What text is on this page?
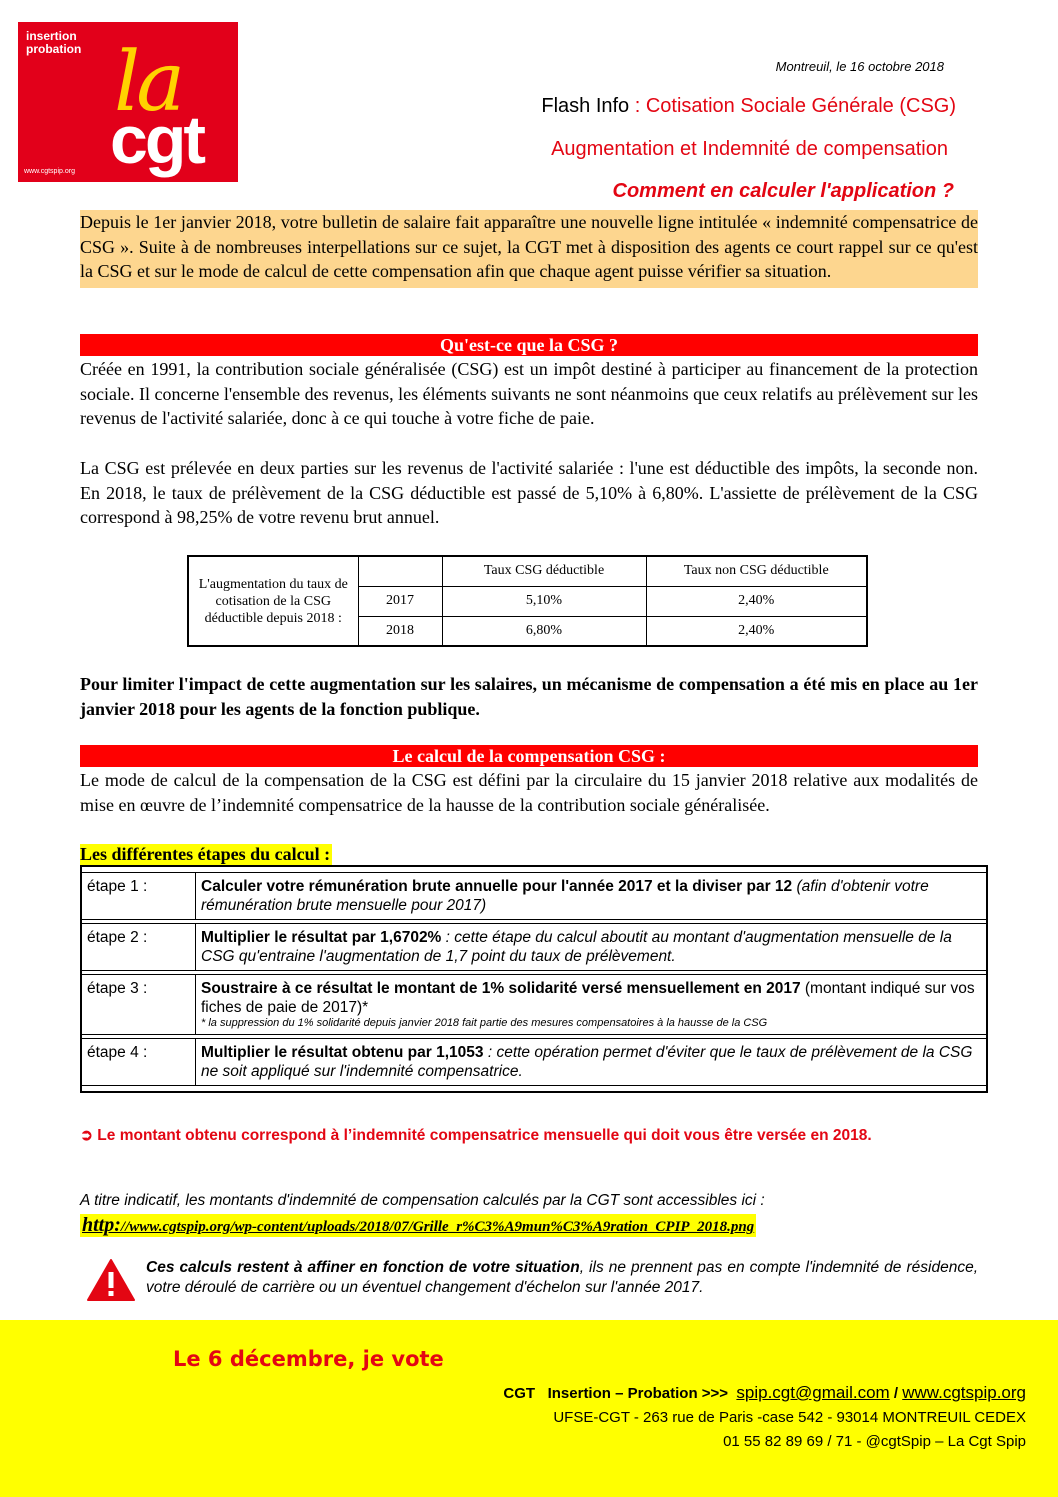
insertion
probation la
cgt
www.cgtspip.org
Montreuil, le 16 octobre 2018
Flash Info : Cotisation Sociale Générale (CSG)
Augmentation et Indemnité de compensation
Comment en calculer l'application ?
Depuis le 1er janvier 2018, votre bulletin de salaire fait apparaître une nouvelle ligne intitulée « indemnité compensatrice de CSG ». Suite à de nombreuses interpellations sur ce sujet, la CGT met à disposition des agents ce court rappel sur ce qu'est la CSG et sur le mode de calcul de cette compensation afin que chaque agent puisse vérifier sa situation.
Qu'est-ce que la CSG ?
Créée en 1991, la contribution sociale généralisée (CSG) est un impôt destiné à participer au financement de la protection sociale. Il concerne l'ensemble des revenus, les éléments suivants ne sont néanmoins que ceux relatifs au prélèvement sur les revenus de l'activité salariée, donc à ce qui touche à votre fiche de paie.
La CSG est prélevée en deux parties sur les revenus de l'activité salariée : l'une est déductible des impôts, la seconde non. En 2018, le taux de prélèvement de la CSG déductible est passé de 5,10% à 6,80%. L'assiette de prélèvement de la CSG correspond à 98,25% de votre revenu brut annuel.
L'augmentation du taux de cotisation de la CSG déductible depuis 2018 :		Taux CSG déductible	Taux non CSG déductible
	2017	5,10%	2,40%
	2018	6,80%	2,40%
Pour limiter l'impact de cette augmentation sur les salaires, un mécanisme de compensation a été mis en place au 1er janvier 2018 pour les agents de la fonction publique.
Le calcul de la compensation CSG :
Le mode de calcul de la compensation de la CSG est défini par la circulaire du 15 janvier 2018 relative aux modalités de mise en œuvre de l’indemnité compensatrice de la hausse de la contribution sociale généralisée.
Les différentes étapes du calcul :
étape 1 :	Calculer votre rémunération brute annuelle pour l'année 2017 et la diviser par 12 (afin d'obtenir votre rémunération brute mensuelle pour 2017)
étape 2 :	Multiplier le résultat par 1,6702% : cette étape du calcul aboutit au montant d'augmentation mensuelle de la CSG qu'entraine l'augmentation de 1,7 point du taux de prélèvement.
étape 3 :	Soustraire à ce résultat le montant de 1% solidarité versé mensuellement en 2017 (montant indiqué sur vos fiches de paie de 2017)*
* la suppression du 1% solidarité depuis janvier 2018 fait partie des mesures compensatoires à la hausse de la CSG

étape 4 :	Multiplier le résultat obtenu par 1,1053 : cette opération permet d'éviter que le taux de prélèvement de la CSG ne soit appliqué sur l'indemnité compensatrice.
➲ Le montant obtenu correspond à l’indemnité compensatrice mensuelle qui doit vous être versée en 2018.
A titre indicatif, les montants d'indemnité de compensation calculés par la CGT sont accessibles ici :
http://www.cgtspip.org/wp-content/uploads/2018/07/Grille_r%C3%A9mun%C3%A9ration_CPIP_2018.png
Ces calculs restent à affiner en fonction de votre situation, ils ne prennent pas en compte l'indemnité de résidence, votre déroulé de carrière ou un éventuel changement d'échelon sur l'année 2017.
Le 6 décembre, je vote
CGT   Insertion – Probation >>>  spip.cgt@gmail.com / www.cgtspip.org
UFSE-CGT - 263 rue de Paris -case 542 - 93014 MONTREUIL CEDEX
01 55 82 89 69 / 71 - @cgtSpip – La Cgt Spip
